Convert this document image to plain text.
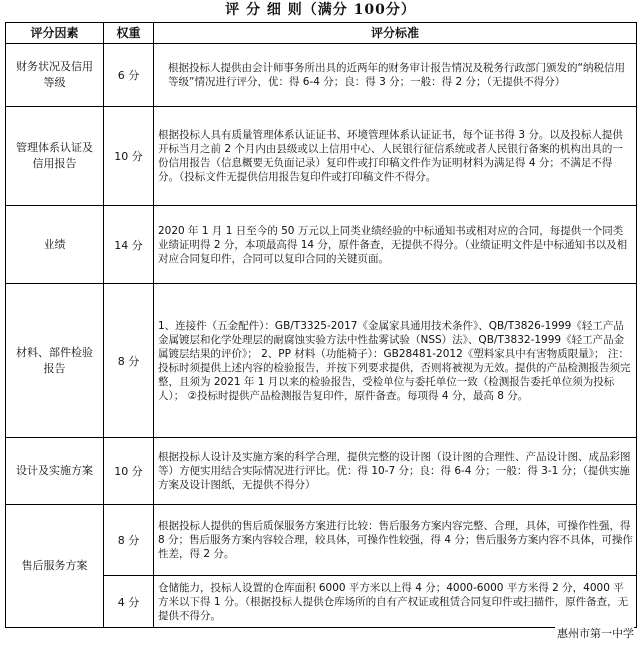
评 分 细 则（满分 100分）
评分因素	权重	评分标准
财务状况及信用等级	6 分	根据投标人提供由会计师事务所出具的近两年的财务审计报告情况及税务行政部门颁发的“纳税信用等级”情况进行评分，优：得 6-4 分；良：得 3 分；一般：得 2 分；（无提供不得分）
管理体系认证及信用报告	10 分	根据投标人具有质量管理体系认证证书、环境管理体系认证证书，每个证书得 3 分。以及投标人提供开标当月之前 2 个月内由县级或以上信用中心、人民银行征信系统或者人民银行备案的机构出具的一份信用报告（信息概要无负面记录）复印件或打印稿文件作为证明材料为满足得 4 分；不满足不得分。（投标文件无提供信用报告复印件或打印稿文件不得分。
业绩	14 分	2020 年 1 月 1 日至今的 50 万元以上同类业绩经验的中标通知书或相对应的合同，每提供一个同类业绩证明得 2 分，本项最高得 14 分，原件备查，无提供不得分。（业绩证明文件是中标通知书以及相对应合同复印件，合同可以复印合同的关键页面。
材料、部件检验报告	8 分	1、连接件（五金配件）：GB/T3325-2017《金属家具通用技术条件》、QB/T3826-1999《轻工产品金属镀层和化学处理层的耐腐蚀实验方法中性盐雾试验（NSS）法》、QB/T3832-1999《轻工产品金属镀层结果的评价》； 2、PP 材料（功能椅子）：GB28481-2012《塑料家具中有害物质限量》； 注：投标时须提供上述内容的检验报告，并按下列要求提供，否则将被视为无效。提供的产品检测报告须完整，且须为 2021 年 1 月以来的检验报告，受检单位与委托单位一致（检测报告委托单位须为投标人）； ②投标时提供产品检测报告复印件，原件备查。每项得 4 分，最高 8 分。
设计及实施方案	10 分	根据投标人设计及实施方案的科学合理，提供完整的设计图（设计图的合理性、产品设计图、成品彩图等）方便实用结合实际情况进行评比。优：得 10-7 分；良：得 6-4 分；一般：得 3-1 分；（提供实施方案及设计图纸，无提供不得分）
售后服务方案	8 分	根据投标人提供的售后质保服务方案进行比较：售后服务方案内容完整、合理，具体，可操作性强，得 8 分；售后服务方案内容较合理，较具体，可操作性较强，得 4 分；售后服务方案内容不具体，可操作性差，得 2 分。
	4 分	仓储能力，投标人设置的仓库面积 6000 平方米以上得 4 分；4000-6000 平方米得 2 分，4000 平方米以下得 1 分。（根据投标人提供仓库场所的自有产权证或租赁合同复印件或扫描件，原件备查，无提供不得分。
惠州市第一中学
